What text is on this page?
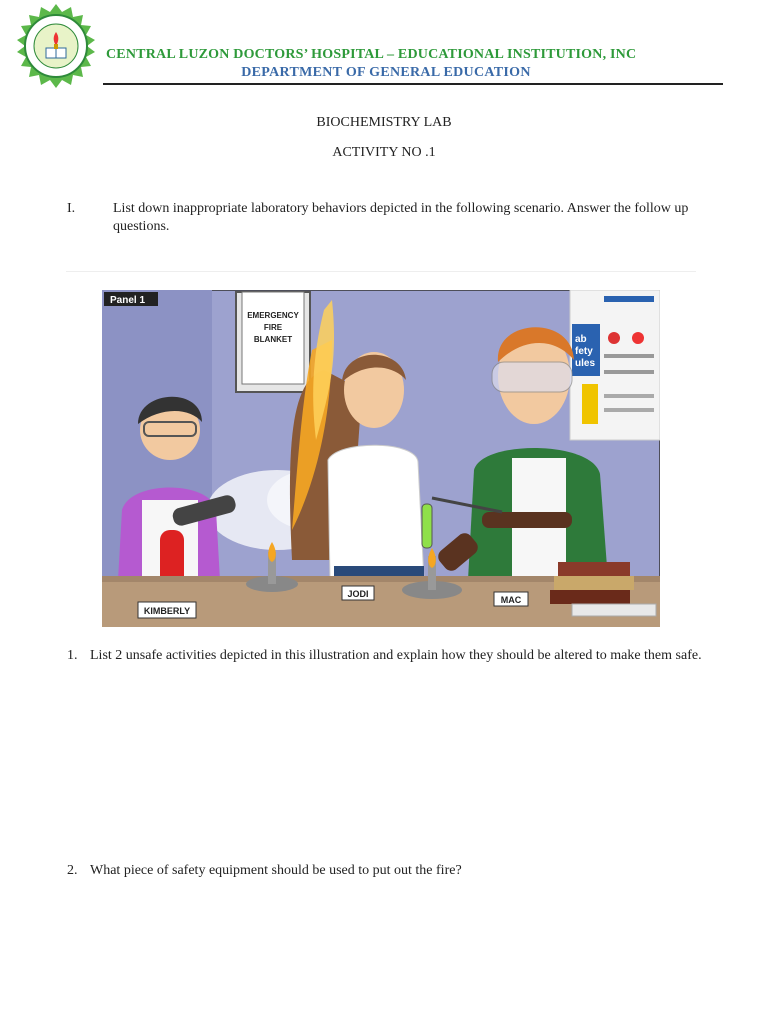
CENTRAL LUZON DOCTORS’ HOSPITAL – EDUCATIONAL INSTITUTION, INC
DEPARTMENT OF GENERAL EDUCATION
BIOCHEMISTRY LAB
ACTIVITY NO .1
I.	List down inappropriate laboratory behaviors depicted in the following scenario. Answer the follow up questions.
ab
fety
ules
EMERGENCY
FIRE
BLANKET
Panel 1
KIMBERLY
JODI
MAC
1. List 2 unsafe activities depicted in this illustration and explain how they should be altered to make them safe.
2. What piece of safety equipment should be used to put out the fire?
